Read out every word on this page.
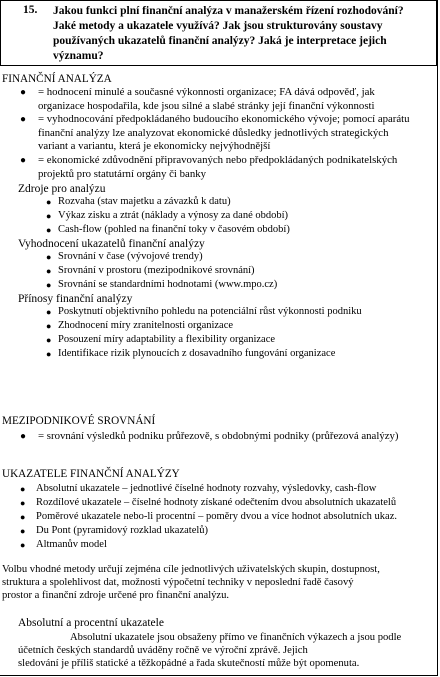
15. Jakou funkci plní finanční analýza v manažerském řízení rozhodování?
Jaké metody a ukazatele využívá? Jak jsou strukturovány soustavy
používaných ukazatelů finanční analýzy? Jaká je interpretace jejich
významu?
FINANČNÍ ANALÝZA
● = hodnocení minulé a současné výkonnosti organizace; FA dává odpověď, jak
organizace hospodařila, kde jsou silné a slabé stránky její finanční výkonnosti
● = vyhodnocování předpokládaného budoucího ekonomického vývoje; pomocí aparátu
finanční analýzy lze analyzovat ekonomické důsledky jednotlivých strategických
variant a variantu, která je ekonomicky nejvýhodnější
● = ekonomické zdůvodnění připravovaných nebo předpokládaných podnikatelských
projektů pro statutární orgány či banky
Zdroje pro analýzu
● Rozvaha (stav majetku a závazků k datu)
● Výkaz zisku a ztrát (náklady a výnosy za dané období)
● Cash-flow (pohled na finanční toky v časovém období)
Vyhodnocení ukazatelů finanční analýzy
● Srovnání v čase (vývojové trendy)
● Srovnání v prostoru (mezipodnikové srovnání)
● Srovnání se standardními hodnotami (www.mpo.cz)
Přínosy finanční analýzy
● Poskytnutí objektivního pohledu na potenciální růst výkonnosti podniku
● Zhodnocení míry zranitelnosti organizace
● Posouzení míry adaptability a flexibility organizace
● Identifikace rizik plynoucích z dosavadního fungování organizace
MEZIPODNIKOVÉ SROVNÁNÍ
● = srovnání výsledků podniku průřezově, s obdobnými podniky (průřezová analýzy)
UKAZATELE FINANČNÍ ANALÝZY
● Absolutní ukazatele – jednotlivé číselné hodnoty rozvahy, výsledovky, cash-flow
● Rozdílové ukazatele – číselné hodnoty získané odečtením dvou absolutních ukazatelů
● Poměrové ukazatele nebo-li procentní – poměry dvou a více hodnot absolutních ukaz.
● Du Pont (pyramidový rozklad ukazatelů)
● Altmanův model
Volbu vhodné metody určují zejména cíle jednotlivých uživatelských skupin, dostupnost,
struktura a spolehlivost dat, možnosti výpočetní techniky v neposlední řadě časový
prostor a finanční zdroje určené pro finanční analýzu.
Absolutní a procentní ukazatele
Absolutní ukazatele jsou obsaženy přímo ve finančních výkazech a jsou podle
účetních českých standardů uváděny ročně ve výroční zprávě. Jejich
sledování je příliš statické a těžkopádné a řada skutečností může být opomenuta.
